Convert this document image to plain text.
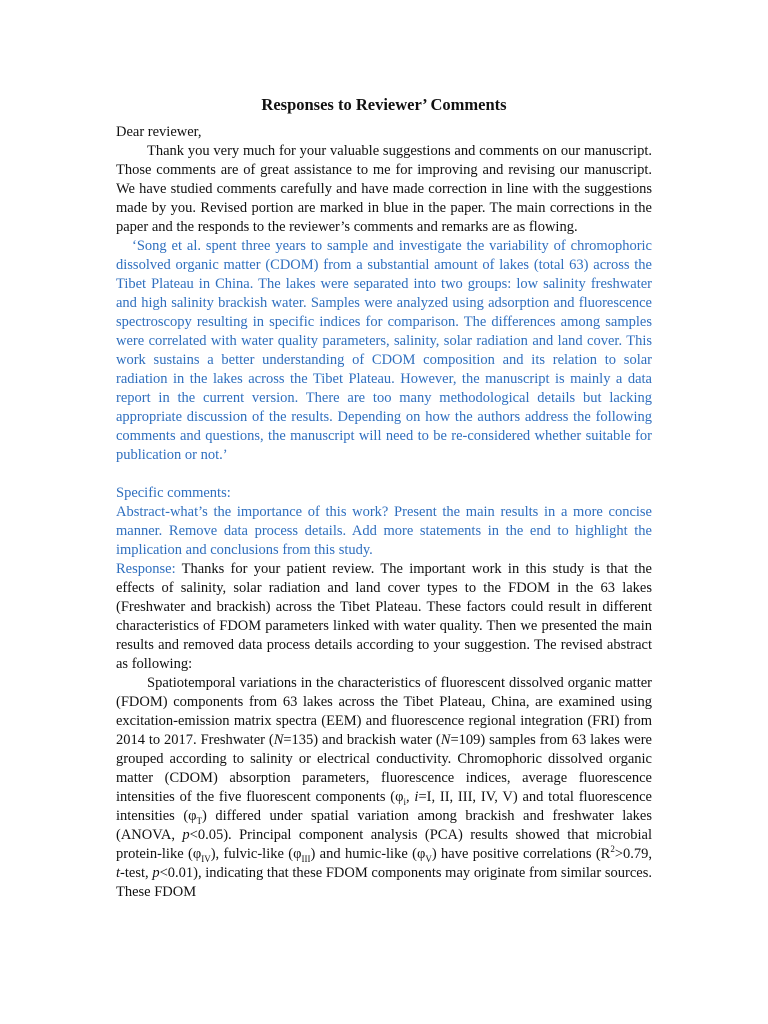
Responses to Reviewer’ Comments

Dear reviewer,

Thank you very much for your valuable suggestions and comments on our manuscript. Those comments are of great assistance to me for improving and revising our manuscript. We have studied comments carefully and have made correction in line with the suggestions made by you. Revised portion are marked in blue in the paper. The main corrections in the paper and the responds to the reviewer’s comments and remarks are as flowing.

‘Song et al. spent three years to sample and investigate the variability of chromophoric dissolved organic matter (CDOM) from a substantial amount of lakes (total 63) across the Tibet Plateau in China. The lakes were separated into two groups: low salinity freshwater and high salinity brackish water. Samples were analyzed using adsorption and fluorescence spectroscopy resulting in specific indices for comparison. The differences among samples were correlated with water quality parameters, salinity, solar radiation and land cover. This work sustains a better understanding of CDOM composition and its relation to solar radiation in the lakes across the Tibet Plateau. However, the manuscript is mainly a data report in the current version. There are too many methodological details but lacking appropriate discussion of the results. Depending on how the authors address the following comments and questions, the manuscript will need to be re-considered whether suitable for publication or not.’

Specific comments:

Abstract-what’s the importance of this work? Present the main results in a more concise manner. Remove data process details. Add more statements in the end to highlight the implication and conclusions from this study.

Response: Thanks for your patient review. The important work in this study is that the effects of salinity, solar radiation and land cover types to the FDOM in the 63 lakes (Freshwater and brackish) across the Tibet Plateau. These factors could result in different characteristics of FDOM parameters linked with water quality. Then we presented the main results and removed data process details according to your suggestion. The revised abstract as following:

Spatiotemporal variations in the characteristics of fluorescent dissolved organic matter (FDOM) components from 63 lakes across the Tibet Plateau, China, are examined using excitation-emission matrix spectra (EEM) and fluorescence regional integration (FRI) from 2014 to 2017. Freshwater (N=135) and brackish water (N=109) samples from 63 lakes were grouped according to salinity or electrical conductivity. Chromophoric dissolved organic matter (CDOM) absorption parameters, fluorescence indices, average fluorescence intensities of the five fluorescent components ($\varphi_i$, i=I, II, III, IV, V) and total fluorescence intensities $(\varphi_T)$ differed under spatial variation among brackish and freshwater lakes (ANOVA, p<0.05). Principal component analysis (PCA) results showed that microbial protein-like $(\varphi_{IV})$, fulvic-like $(\varphi_{III})$ and humic-like $(\varphi_V)$ have positive correlations ($R^2>0.79$, t-test, p<0.01), indicating that these FDOM components may originate from similar sources. These FDOM
